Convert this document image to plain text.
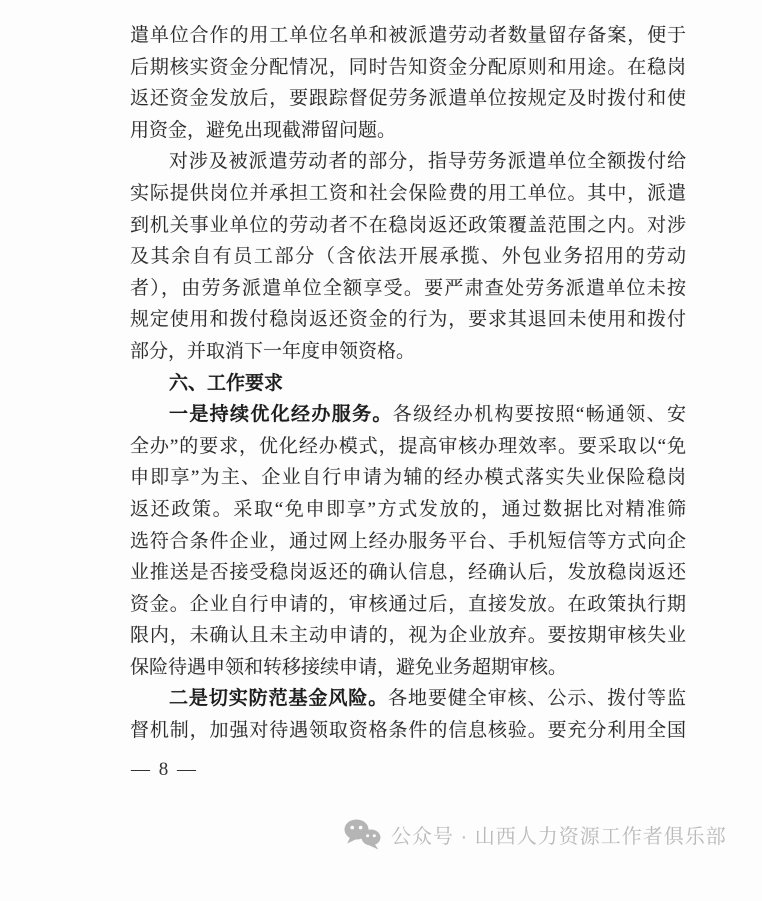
遣单位合作的用工单位名单和被派遣劳动者数量留存备案，便于
后期核实资金分配情况，同时告知资金分配原则和用途。在稳岗
返还资金发放后，要跟踪督促劳务派遣单位按规定及时拨付和使
用资金，避免出现截滞留问题。
对涉及被派遣劳动者的部分，指导劳务派遣单位全额拨付给
实际提供岗位并承担工资和社会保险费的用工单位。其中，派遣
到机关事业单位的劳动者不在稳岗返还政策覆盖范围之内。对涉
及其余自有员工部分（含依法开展承揽、外包业务招用的劳动
者），由劳务派遣单位全额享受。要严肃查处劳务派遣单位未按
规定使用和拨付稳岗返还资金的行为，要求其退回未使用和拨付
部分，并取消下一年度申领资格。
六、工作要求
一是持续优化经办服务。各级经办机构要按照“畅通领、安
全办”的要求，优化经办模式，提高审核办理效率。要采取以“免
申即享”为主、企业自行申请为辅的经办模式落实失业保险稳岗
返还政策。采取“免申即享”方式发放的，通过数据比对精准筛
选符合条件企业，通过网上经办服务平台、手机短信等方式向企
业推送是否接受稳岗返还的确认信息，经确认后，发放稳岗返还
资金。企业自行申请的，审核通过后，直接发放。在政策执行期
限内，未确认且未主动申请的，视为企业放弃。要按期审核失业
保险待遇申领和转移接续申请，避免业务超期审核。
二是切实防范基金风险。各地要健全审核、公示、拨付等监
督机制，加强对待遇领取资格条件的信息核验。要充分利用全国
— 8 —
公众号 · 山西人力资源工作者俱乐部
